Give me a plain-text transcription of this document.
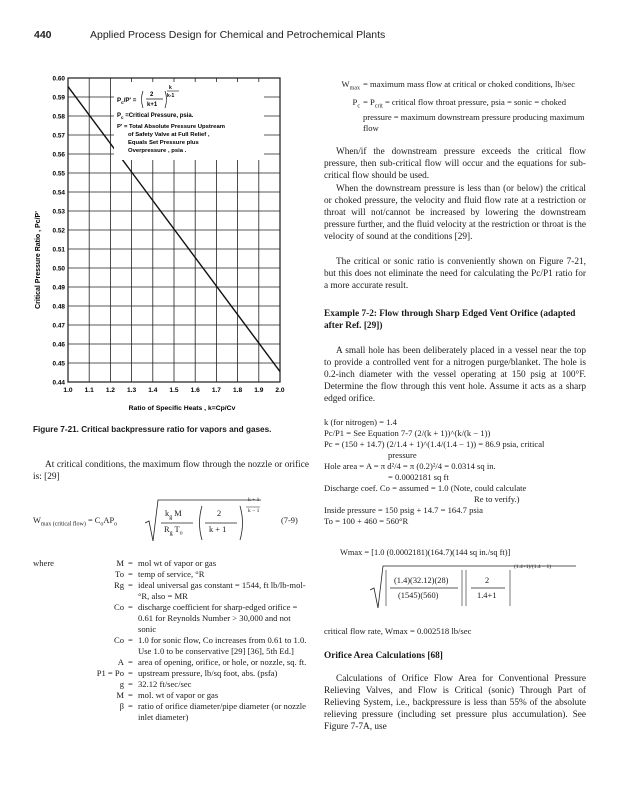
440	Applied Process Design for Chemical and Petrochemical Plants
0.60
0.59
0.58
0.57
0.56
0.55
0.54
0.53
0.52
0.51
0.50
0.49
0.48
0.47
0.46
0.45
0.44
1.0 1.1 1.2 1.3 1.4 1.5 1.6 1.7 1.8 1.9 2.0
$P_c/P'$ =
2
k+1
k
k-1
$P_c$ =Critical Pressure, psia.
P' = Total Absolute Pressure Upstream
of Safety Valve at Full Relief ,
Equals Set Pressure plus
Overpressure , psia .
Critical Pressure Ratio , Pc/P'
Ratio of Specific Heats , k=Cp/Cv
Figure 7-21. Critical backpressure ratio for vapors and gases.
At critical conditions, the maximum flow through the nozzle or orifice is: [29]
$W_{max (critical flow)} = C_oAP_o$
$k_g$ M
$R_g$ $T_o$
2
k + 1
k + 1
k − 1
(7-9)
where	M = mol wt of vapor or gas
To = temp of service, °R
Rg = ideal universal gas constant = 1544, ft lb/lb-mol-°R, also = MR
Co = discharge coefficient for sharp-edged orifice = 0.61 for Reynolds Number > 30,000 and not sonic
Co = 1.0 for sonic flow, Co increases from 0.61 to 1.0. Use 1.0 to be conservative [29] [36], 5th Ed.]
A = area of opening, orifice, or hole, or nozzle, sq. ft.
P1 = Po = upstream pressure, lb/sq foot, abs. (psfa)
g = 32.12 ft/sec/sec
M = mol. wt of vapor or gas
β = ratio of orifice diameter/pipe diameter (or nozzle inlet diameter)
$W_{max}$ = maximum mass flow at critical or choked conditions, lb/sec
$P_c = P_{crit}$ = critical flow throat pressure, psia = sonic = choked pressure = maximum downstream pressure producing maximum flow
When/if the downstream pressure exceeds the critical flow pressure, then sub-critical flow will occur and the equations for sub-critical flow should be used.
When the downstream pressure is less than (or below) the critical or choked pressure, the velocity and fluid flow rate at a restriction or throat will not/cannot be increased by lowering the downstream pressure further, and the fluid velocity at the restriction or throat is the velocity of sound at the conditions [29].
The critical or sonic ratio is conveniently shown on Figure 7-21, but this does not eliminate the need for calculating the Pc/P1 ratio for a more accurate result.
Example 7-2: Flow through Sharp Edged Vent Orifice (adapted after Ref. [29])
A small hole has been deliberately placed in a vessel near the top to provide a controlled vent for a nitrogen purge/blanket. The hole is 0.2-inch diameter with the vessel operating at 150 psig at 100°F. Determine the flow through this vent hole. Assume it acts as a sharp edged orifice.
k (for nitrogen) = 1.4
Pc/P1 = See Equation 7-7 (2/(k + 1))^(k/(k − 1))
Pc = (150 + 14.7) (2/1.4 + 1)^(1.4/(1.4 − 1)) = 86.9 psia, critical
pressure
Hole area = A = π d²/4 = π (0.2)²/4 = 0.0314 sq in.
= 0.0002181 sq ft
Discharge coef. Co = assumed = 1.0 (Note, could calculate
Re to verify.)
Inside pressure = 150 psig + 14.7 = 164.7 psia
To = 100 + 460 = 560°R
Wmax = [1.0 (0.0002181)(164.7)(144 sq in./sq ft)]
(1.4)(32.12)(28)
(1545)(560)
2
1.4+1
(1.4+1)/(1.4 − 1)
critical flow rate, Wmax = 0.002518 lb/sec
Orifice Area Calculations [68]
Calculations of Orifice Flow Area for Conventional Pressure Relieving Valves, and Flow is Critical (sonic) Through Part of Relieving System, i.e., backpressure is less than 55% of the absolute relieving pressure (including set pressure plus accumulation). See Figure 7-7A, use
